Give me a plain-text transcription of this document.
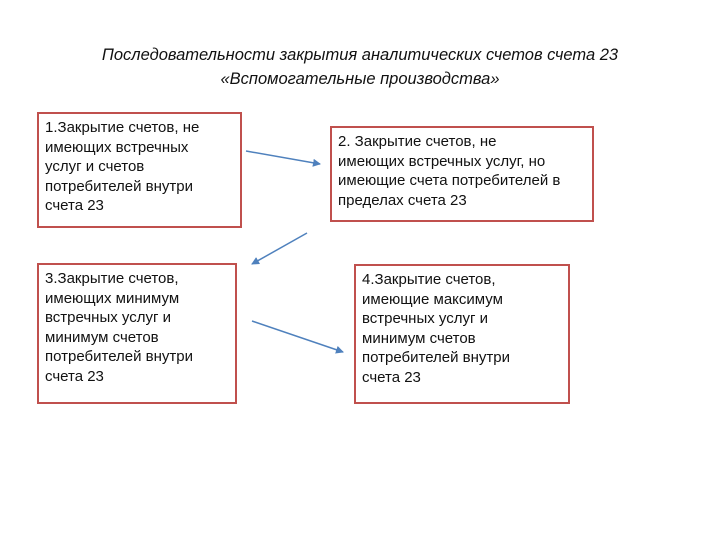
Последовательности закрытия аналитических счетов счета 23
«Вспомогательные производства»
1.Закрытие счетов, не
имеющих встречных
услуг и счетов
потребителей внутри
счета 23
2. Закрытие счетов, не
имеющих встречных услуг, но
имеющие счета потребителей в
пределах счета 23
3.Закрытие счетов,
имеющих минимум
встречных услуг и
минимум счетов
потребителей внутри
счета 23
4.Закрытие счетов,
имеющие максимум
встречных услуг и
минимум счетов
потребителей внутри
счета 23
